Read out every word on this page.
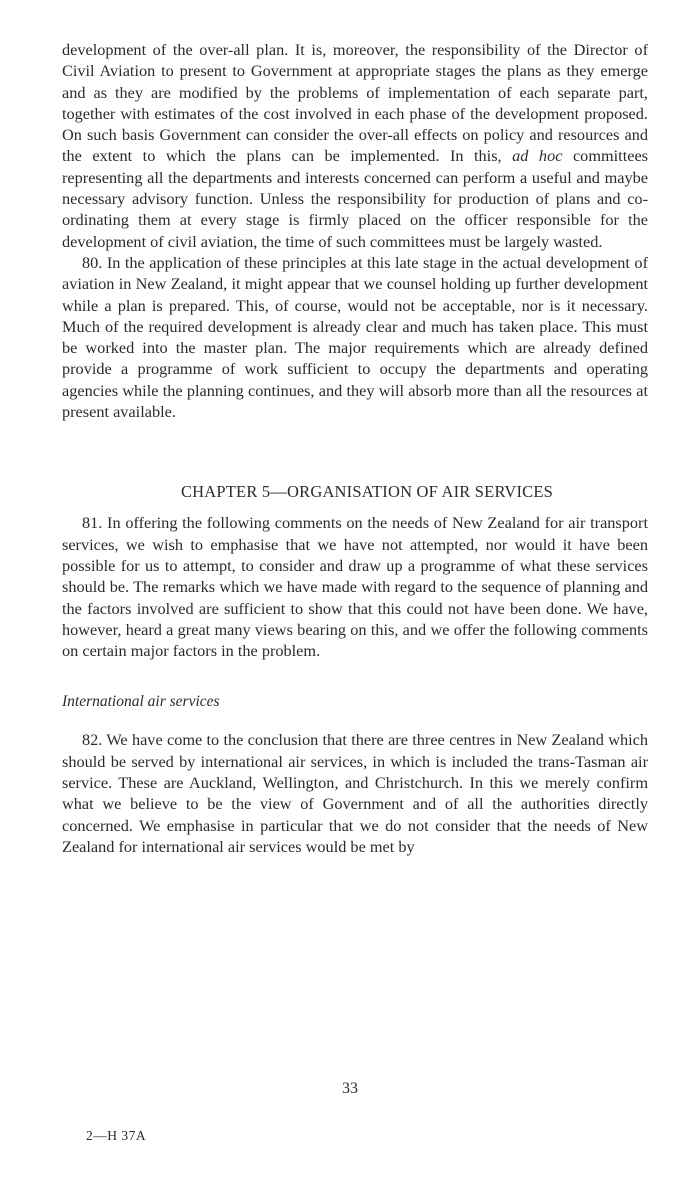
development of the over-all plan. It is, moreover, the responsibility of the Director of Civil Aviation to present to Government at appropriate stages the plans as they emerge and as they are modified by the problems of implementation of each separate part, together with estimates of the cost involved in each phase of the development proposed. On such basis Government can consider the over-all effects on policy and resources and the extent to which the plans can be implemented. In this, ad hoc committees representing all the departments and interests concerned can perform a useful and maybe necessary advisory function. Unless the responsibility for production of plans and co-ordinating them at every stage is firmly placed on the officer responsible for the development of civil aviation, the time of such committees must be largely wasted.

80. In the application of these principles at this late stage in the actual development of aviation in New Zealand, it might appear that we counsel holding up further development while a plan is prepared. This, of course, would not be acceptable, nor is it necessary. Much of the required development is already clear and much has taken place. This must be worked into the master plan. The major requirements which are already defined provide a programme of work sufficient to occupy the departments and operating agencies while the planning continues, and they will absorb more than all the resources at present available.

CHAPTER 5—ORGANISATION OF AIR SERVICES

81. In offering the following comments on the needs of New Zealand for air transport services, we wish to emphasise that we have not attempted, nor would it have been possible for us to attempt, to consider and draw up a programme of what these services should be. The remarks which we have made with regard to the sequence of planning and the factors involved are sufficient to show that this could not have been done. We have, however, heard a great many views bearing on this, and we offer the following comments on certain major factors in the problem.

International air services

82. We have come to the conclusion that there are three centres in New Zealand which should be served by international air services, in which is included the trans-Tasman air service. These are Auckland, Wellington, and Christchurch. In this we merely confirm what we believe to be the view of Government and of all the authorities directly concerned. We emphasise in particular that we do not consider that the needs of New Zealand for international air services would be met by

33
2—H 37A
